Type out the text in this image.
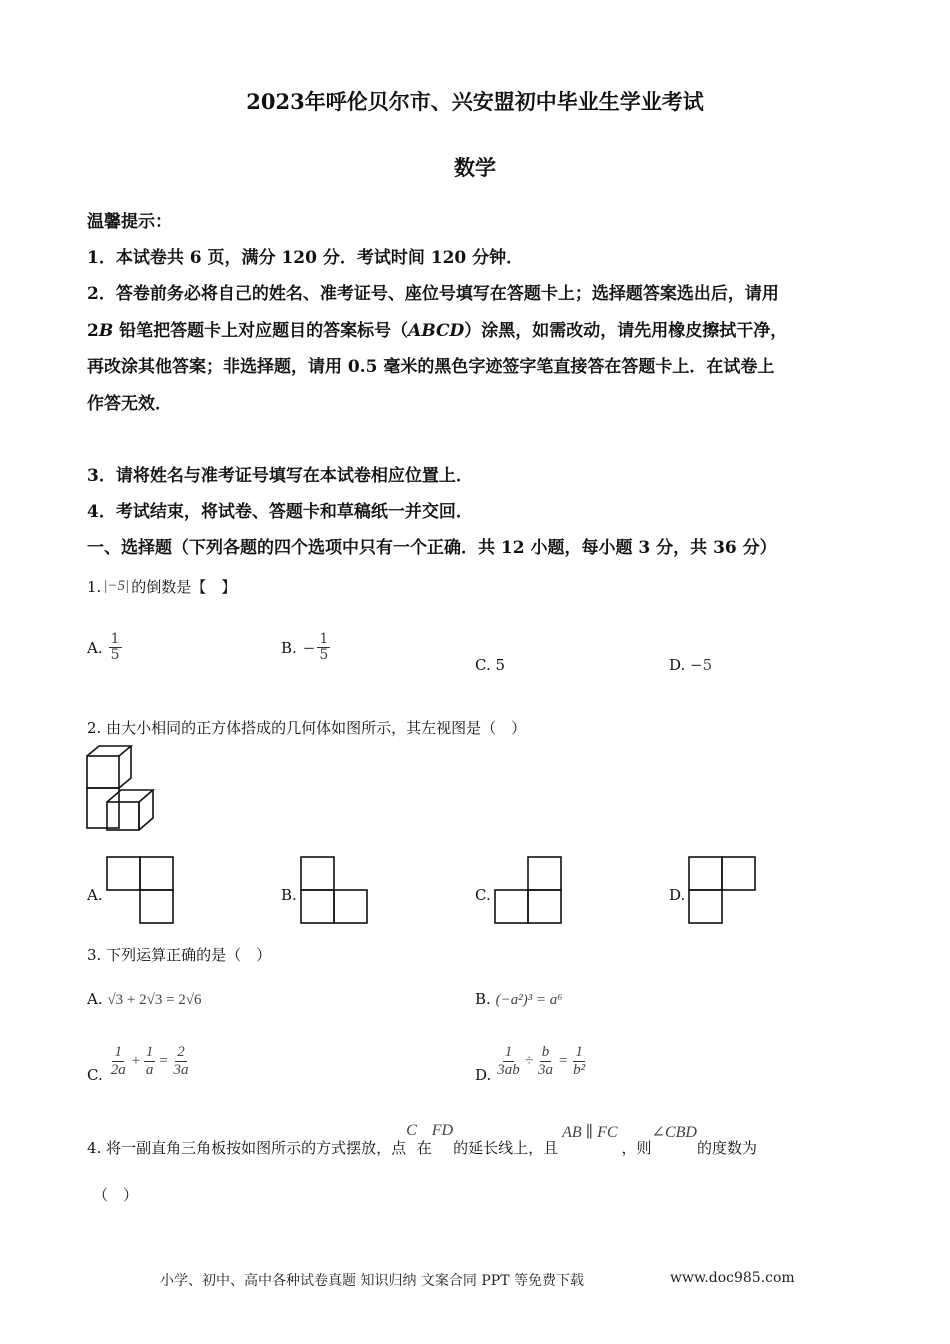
2023年呼伦贝尔市、兴安盟初中毕业生学业考试
数学
温馨提示：
1．本试卷共 6 页，满分 120 分．考试时间 120 分钟．
2．答卷前务必将自己的姓名、准考证号、座位号填写在答题卡上；选择题答案选出后，请用
2B 铅笔把答题卡上对应题目的答案标号（ABCD）涂黑，如需改动，请先用橡皮擦拭干净，
再改涂其他答案；非选择题，请用 0.5 毫米的黑色字迹签字笔直接答在答题卡上．在试卷上
作答无效．
3．请将姓名与准考证号填写在本试卷相应位置上．
4．考试结束，将试卷、答题卡和草稿纸一并交回．
一、选择题（下列各题的四个选项中只有一个正确．共 12 小题，每小题 3 分，共 36 分）
1. |−5| 的倒数是【　】
A. $\frac{1}{5}$	B. − $\frac{1}{5}$
C. 5	D. −5
2. 由大小相同的正方体搭成的几何体如图所示，其左视图是（　）
A.	B.	C.	D.
3. 下列运算正确的是（　）
A. √3 + 2√3 = 2√6	B. (−a²)³ = a⁶
C. $\frac{1}{2a} + \frac{1}{a} = \frac{2}{3a}$	D. $\frac{1}{3ab} \div \frac{b}{3a} = \frac{1}{\text{b²}}$
4. 将一副直角三角板按如图所示的方式摆放，点
C
在
FD
的延长线上，且
AB ∥ FC
，则
∠CBD
的度数为
（　）
小学、初中、高中各种试卷真题 知识归纳 文案合同 PPT 等免费下载	www.doc985.com
